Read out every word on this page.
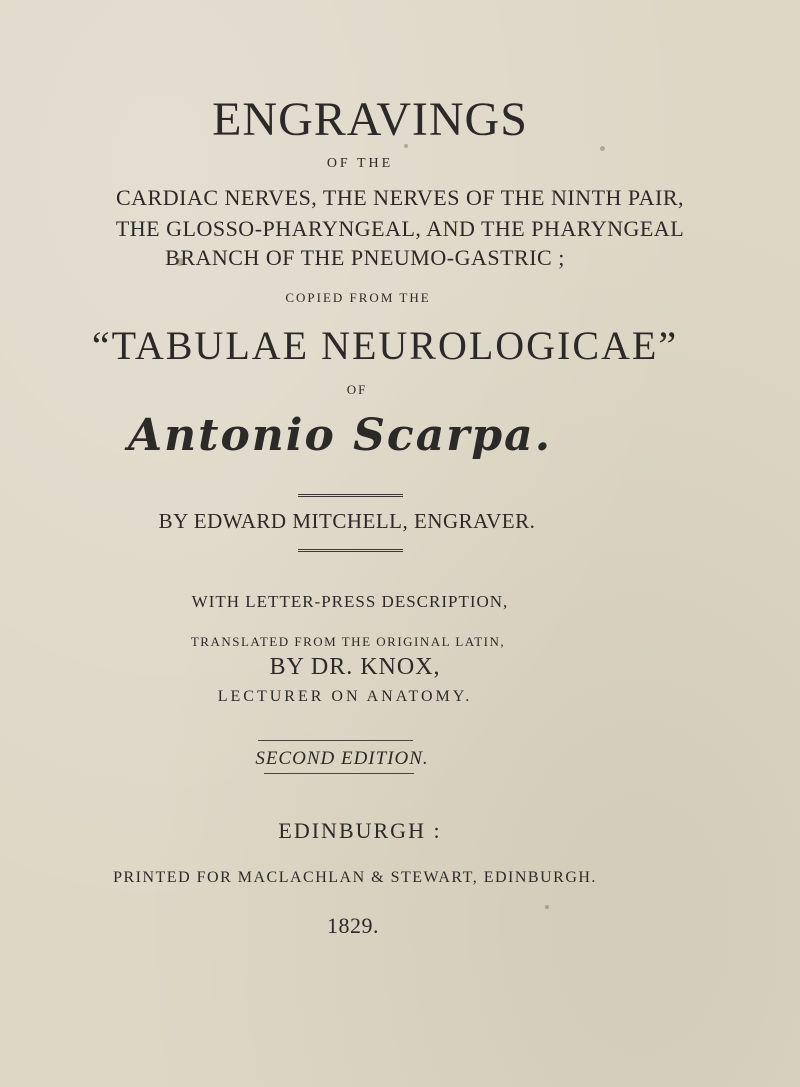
ENGRAVINGS
OF THE
CARDIAC NERVES, THE NERVES OF THE NINTH PAIR,
THE GLOSSO-PHARYNGEAL, AND THE PHARYNGEAL
BRANCH OF THE PNEUMO-GASTRIC ;
COPIED FROM THE
“TABULAE NEUROLOGICAE”
OF
Antonio Scarpa.
BY EDWARD MITCHELL, ENGRAVER.
WITH LETTER-PRESS DESCRIPTION,
TRANSLATED FROM THE ORIGINAL LATIN,
BY DR. KNOX,
LECTURER ON ANATOMY.
SECOND EDITION.
EDINBURGH :
PRINTED FOR MACLACHLAN & STEWART, EDINBURGH.
1829.
